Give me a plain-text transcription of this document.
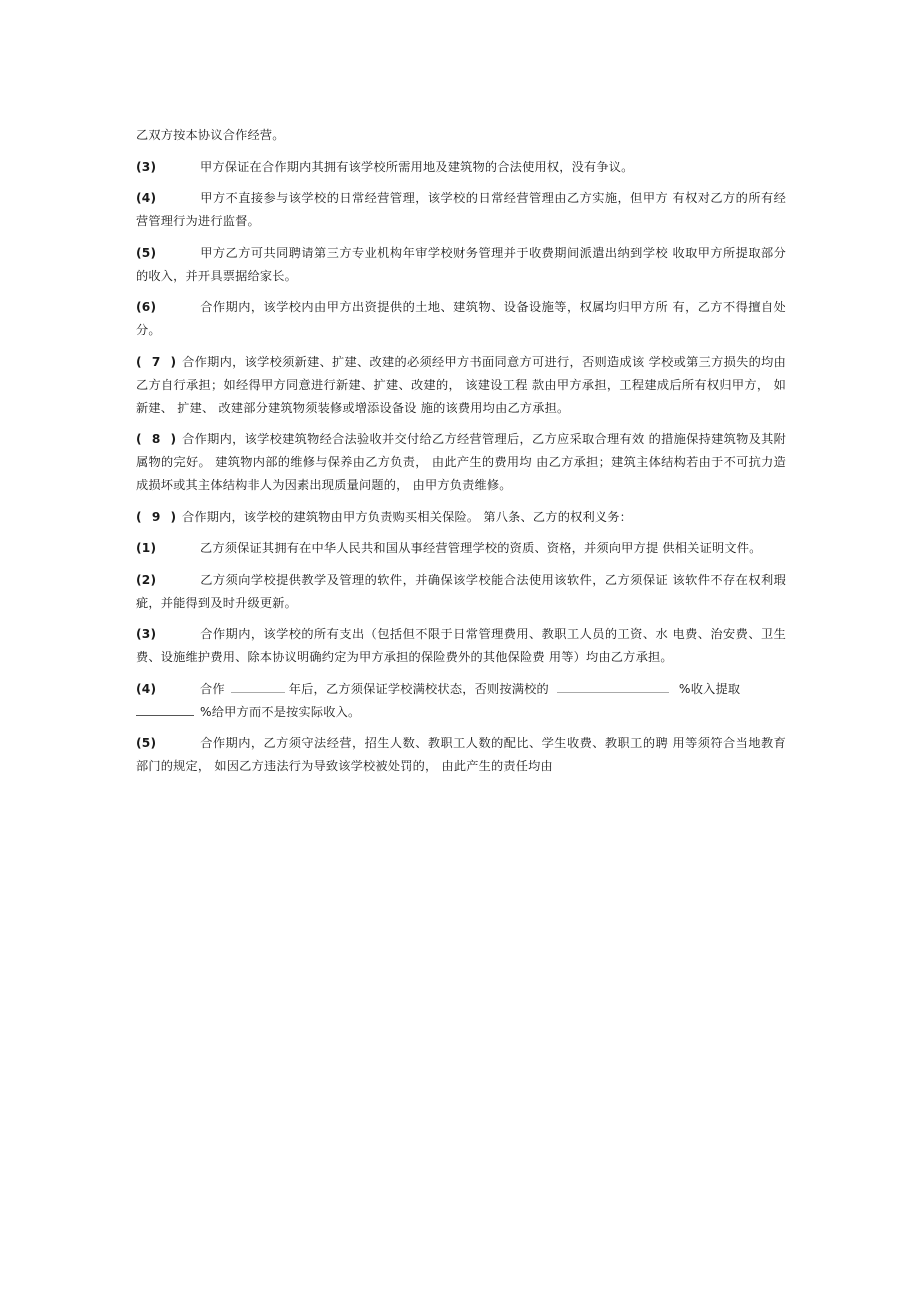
乙双方按本协议合作经营。

(3)	甲方保证在合作期内其拥有该学校所需用地及建筑物的合法使用权，没有争议。

(4)	甲方不直接参与该学校的日常经营管理，该学校的日常经营管理由乙方实施，但甲方 有权对乙方的所有经营管理行为进行监督。

(5)	甲方乙方可共同聘请第三方专业机构年审学校财务管理并于收费期间派遣出纳到学校 收取甲方所提取部分的收入，并开具票据给家长。

(6)	合作期内，该学校内由甲方出资提供的土地、建筑物、设备设施等，权属均归甲方所 有，乙方不得擅自处分。

( 7 ) 合作期内，该学校须新建、扩建、改建的必须经甲方书面同意方可进行，否则造成该 学校或第三方损失的均由乙方自行承担；如经得甲方同意进行新建、扩建、改建的， 该建设工程 款由甲方承担，工程建成后所有权归甲方， 如新建、 扩建、 改建部分建筑物须装修或增添设备设 施的该费用均由乙方承担。

( 8 ) 合作期内，该学校建筑物经合法验收并交付给乙方经营管理后，乙方应采取合理有效 的措施保持建筑物及其附属物的完好。 建筑物内部的维修与保养由乙方负责， 由此产生的费用均 由乙方承担；建筑主体结构若由于不可抗力造成损坏或其主体结构非人为因素出现质量问题的， 由甲方负责维修。

( 9 ) 合作期内，该学校的建筑物由甲方负责购买相关保险。 第八条、乙方的权利义务：

(1)	乙方须保证其拥有在中华人民共和国从事经营管理学校的资质、资格，并须向甲方提 供相关证明文件。

(2)	乙方须向学校提供教学及管理的软件，并确保该学校能合法使用该软件，乙方须保证 该软件不存在权利瑕疵，并能得到及时升级更新。

(3)	合作期内，该学校的所有支出（包括但不限于日常管理费用、教职工人员的工资、水 电费、治安费、卫生费、设施维护费用、除本协议明确约定为甲方承担的保险费外的其他保险费 用等）均由乙方承担。

(4)	合作	年后，乙方须保证学校满校状态，否则按满校的	%收入提取
%给甲方而不是按实际收入。

(5)	合作期内，乙方须守法经营，招生人数、教职工人数的配比、学生收费、教职工的聘 用等须符合当地教育部门的规定， 如因乙方违法行为导致该学校被处罚的， 由此产生的责任均由
